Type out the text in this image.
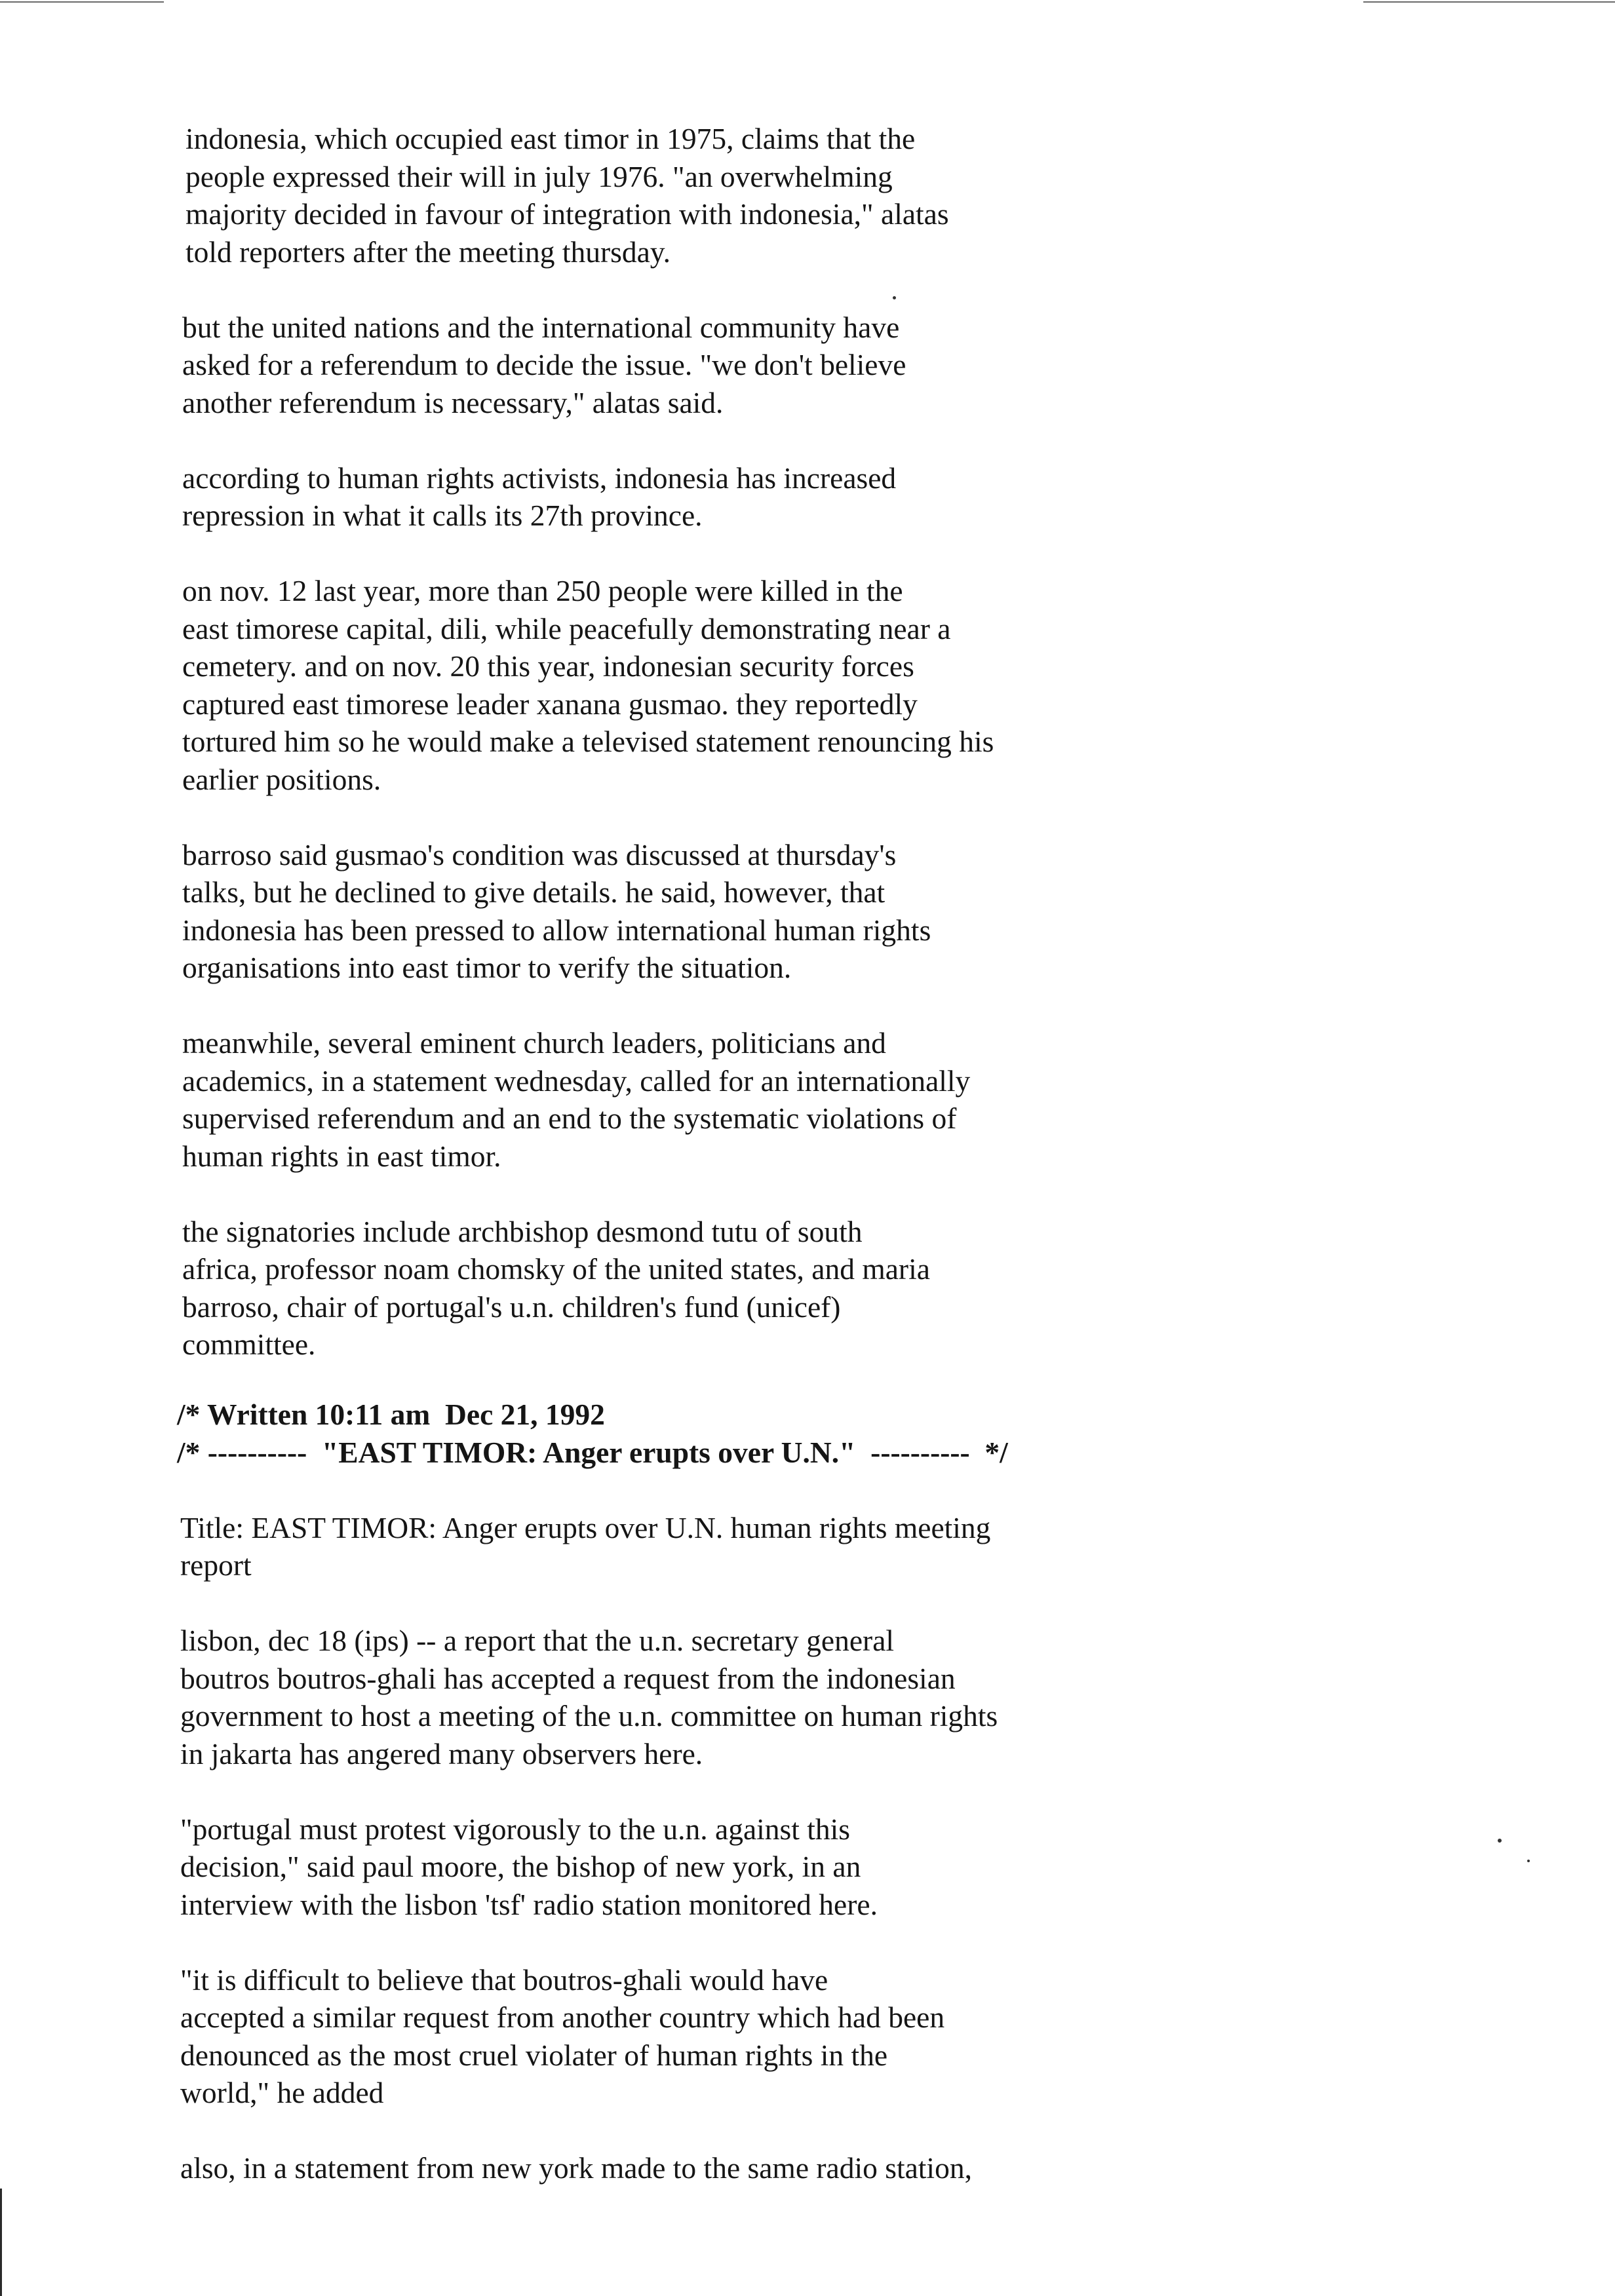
indonesia, which occupied east timor in 1975, claims that the
people expressed their will in july 1976. "an overwhelming
majority decided in favour of integration with indonesia," alatas
told reporters after the meeting thursday.
but the united nations and the international community have
asked for a referendum to decide the issue. "we don't believe
another referendum is necessary," alatas said.
according to human rights activists, indonesia has increased
repression in what it calls its 27th province.
on nov. 12 last year, more than 250 people were killed in the
east timorese capital, dili, while peacefully demonstrating near a
cemetery. and on nov. 20 this year, indonesian security forces
captured east timorese leader xanana gusmao. they reportedly
tortured him so he would make a televised statement renouncing his
earlier positions.
barroso said gusmao's condition was discussed at thursday's
talks, but he declined to give details. he said, however, that
indonesia has been pressed to allow international human rights
organisations into east timor to verify the situation.
meanwhile, several eminent church leaders, politicians and
academics, in a statement wednesday, called for an internationally
supervised referendum and an end to the systematic violations of
human rights in east timor.
the signatories include archbishop desmond tutu of south
africa, professor noam chomsky of the united states, and maria
barroso, chair of portugal's u.n. children's fund (unicef)
committee.
/* Written 10:11 am  Dec 21, 1992
/* ----------  "EAST TIMOR: Anger erupts over U.N."  ----------  */
Title: EAST TIMOR: Anger erupts over U.N. human rights meeting
report
lisbon, dec 18 (ips) -- a report that the u.n. secretary general
boutros boutros-ghali has accepted a request from the indonesian
government to host a meeting of the u.n. committee on human rights
in jakarta has angered many observers here.
"portugal must protest vigorously to the u.n. against this
decision," said paul moore, the bishop of new york, in an
interview with the lisbon 'tsf' radio station monitored here.
"it is difficult to believe that boutros-ghali would have
accepted a similar request from another country which had been
denounced as the most cruel violater of human rights in the
world," he added
also, in a statement from new york made to the same radio station,
